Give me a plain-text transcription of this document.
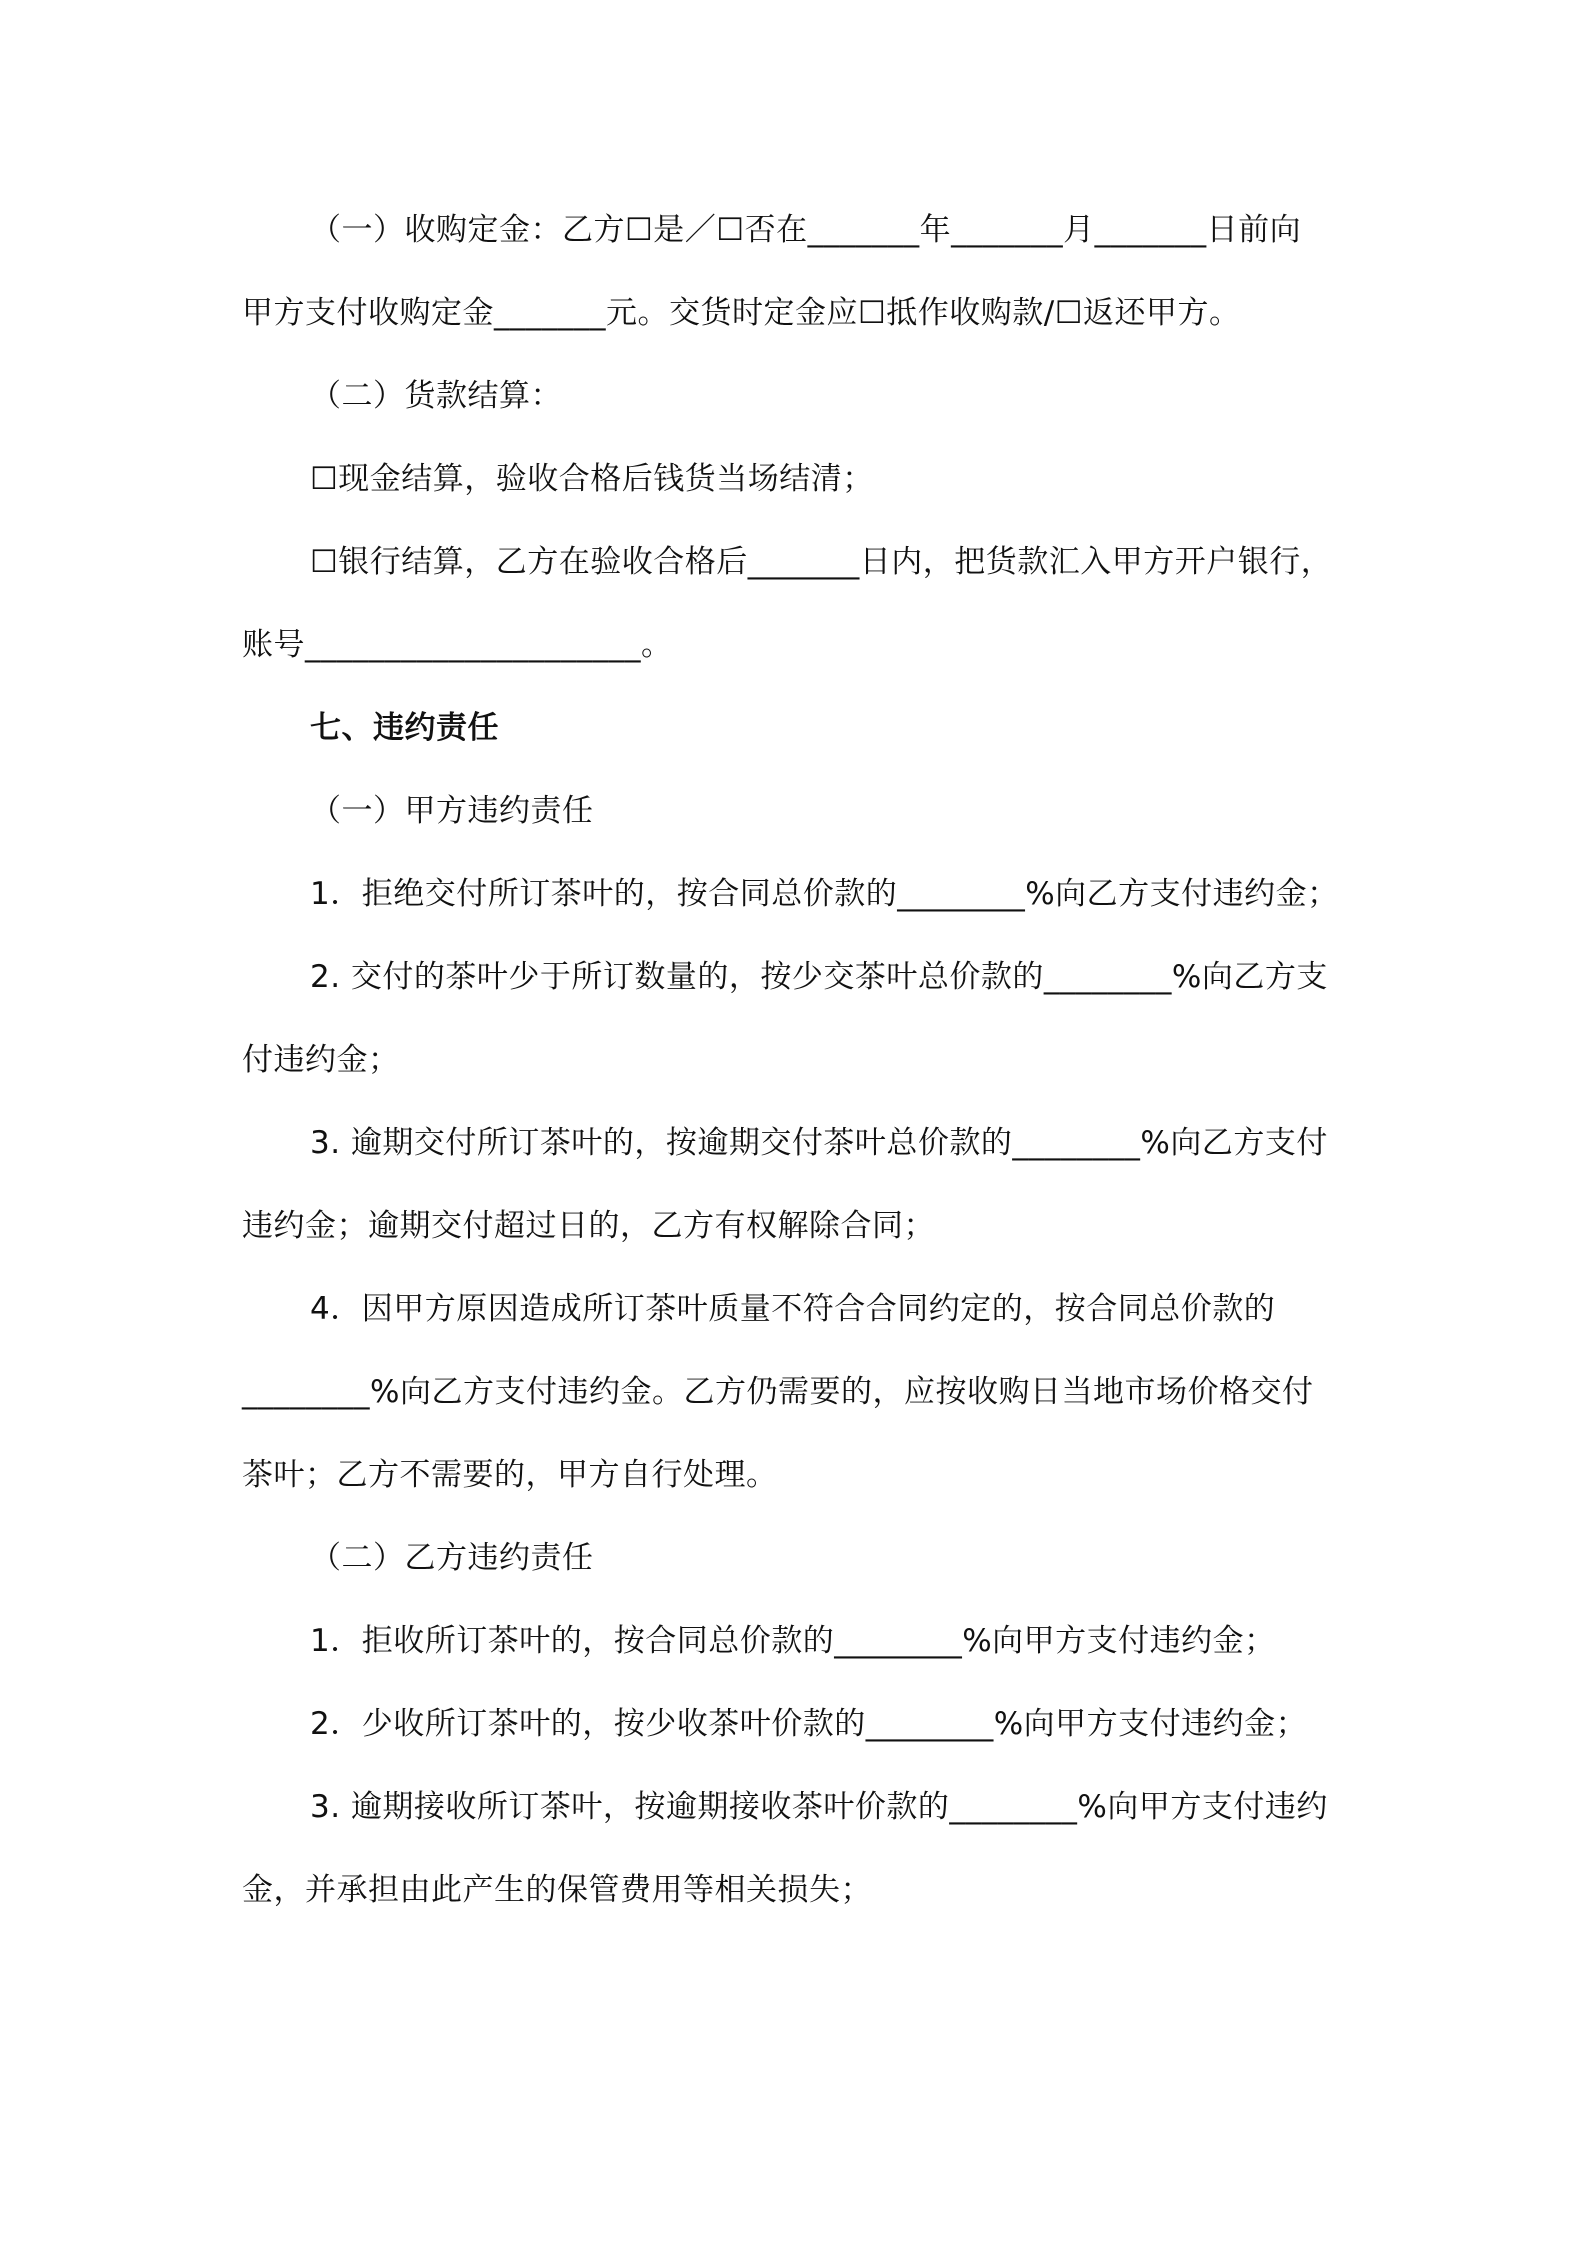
（一）收购定金：乙方☐是／☐否在_______年_______月_______日前向
甲方支付收购定金_______元。交货时定金应☐抵作收购款/☐返还甲方。
（二）货款结算：
☐现金结算，验收合格后钱货当场结清；
☐银行结算，乙方在验收合格后_______日内，把货款汇入甲方开户银行，
账号_____________________。
七、违约责任
（一）甲方违约责任
1．拒绝交付所订茶叶的，按合同总价款的________%向乙方支付违约金；
2. 交付的茶叶少于所订数量的，按少交茶叶总价款的________%向乙方支
付违约金；
3. 逾期交付所订茶叶的，按逾期交付茶叶总价款的________%向乙方支付
违约金；逾期交付超过日的，乙方有权解除合同；
4．因甲方原因造成所订茶叶质量不符合合同约定的，按合同总价款的
________%向乙方支付违约金。乙方仍需要的，应按收购日当地市场价格交付
茶叶；乙方不需要的，甲方自行处理。
（二）乙方违约责任
1．拒收所订茶叶的，按合同总价款的________%向甲方支付违约金；
2．少收所订茶叶的，按少收茶叶价款的________%向甲方支付违约金；
3. 逾期接收所订茶叶，按逾期接收茶叶价款的________%向甲方支付违约
金，并承担由此产生的保管费用等相关损失；
